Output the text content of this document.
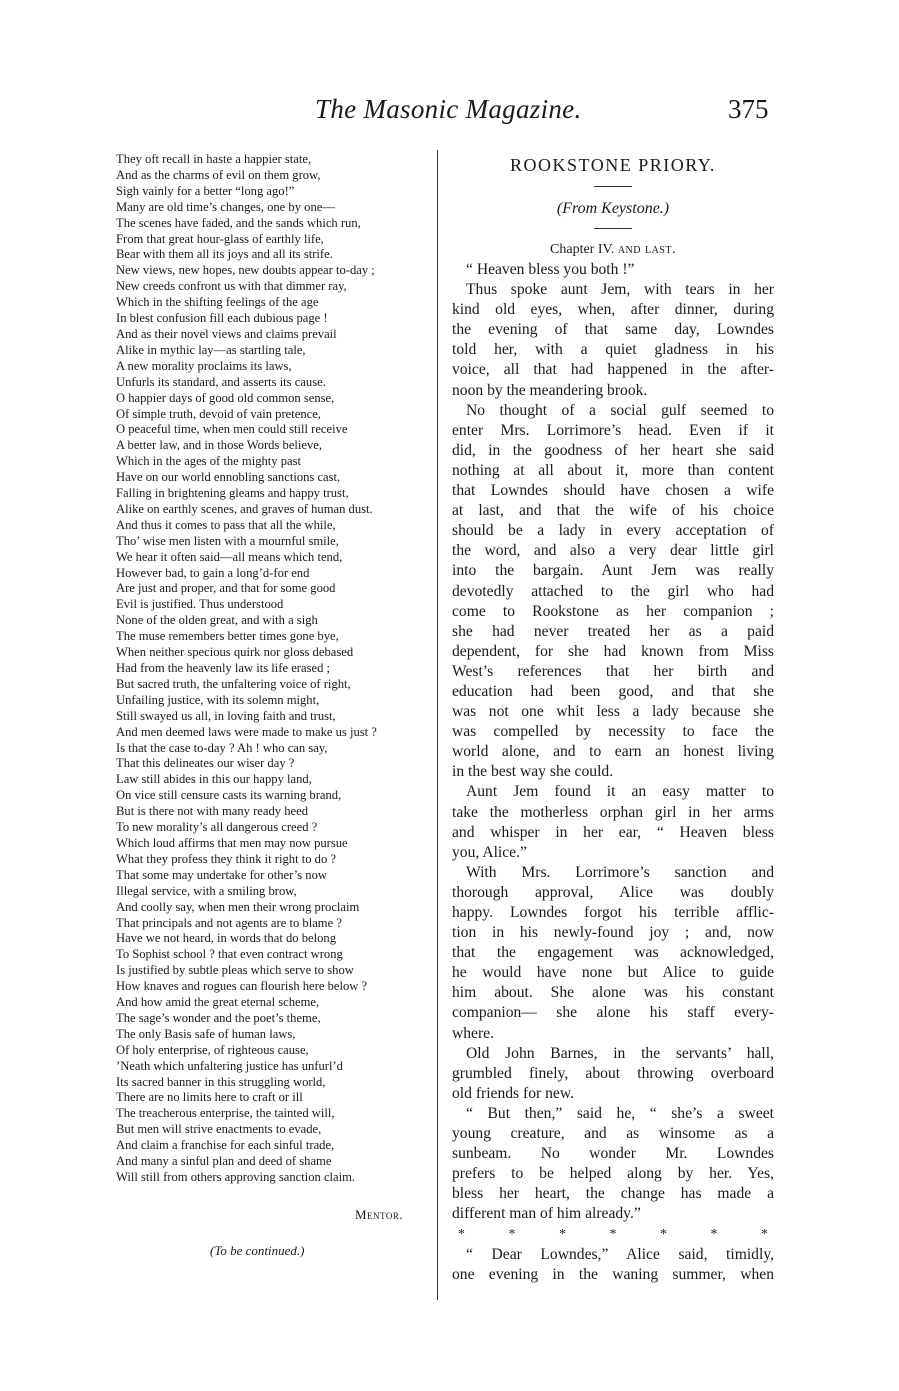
The Masonic Magazine.	375
They oft recall in haste a happier state,
And as the charms of evil on them grow,
Sigh vainly for a better “long ago!”
Many are old time’s changes, one by one—
The scenes have faded, and the sands which run,
From that great hour-glass of earthly life,
Bear with them all its joys and all its strife.
New views, new hopes, new doubts appear to-day ;
New creeds confront us with that dimmer ray,
Which in the shifting feelings of the age
In blest confusion fill each dubious page !
And as their novel views and claims prevail
Alike in mythic lay—as startling tale,
A new morality proclaims its laws,
Unfurls its standard, and asserts its cause.
O happier days of good old common sense,
Of simple truth, devoid of vain pretence,
O peaceful time, when men could still receive
A better law, and in those Words believe,
Which in the ages of the mighty past
Have on our world ennobling sanctions cast,
Falling in brightening gleams and happy trust,
Alike on earthly scenes, and graves of human dust.
And thus it comes to pass that all the while,
Tho’ wise men listen with a mournful smile,
We hear it often said—all means which tend,
However bad, to gain a long’d-for end
Are just and proper, and that for some good
Evil is justified. Thus understood
None of the olden great, and with a sigh
The muse remembers better times gone bye,
When neither specious quirk nor gloss debased
Had from the heavenly law its life erased ;
But sacred truth, the unfaltering voice of right,
Unfailing justice, with its solemn might,
Still swayed us all, in loving faith and trust,
And men deemed laws were made to make us just ?
Is that the case to-day ? Ah ! who can say,
That this delineates our wiser day ?
Law still abides in this our happy land,
On vice still censure casts its warning brand,
But is there not with many ready heed
To new morality’s all dangerous creed ?
Which loud affirms that men may now pursue
What they profess they think it right to do ?
That some may undertake for other’s now
Illegal service, with a smiling brow,
And coolly say, when men their wrong proclaim
That principals and not agents are to blame ?
Have we not heard, in words that do belong
To Sophist school ? that even contract wrong
Is justified by subtle pleas which serve to show
How knaves and rogues can flourish here below ?
And how amid the great eternal scheme,
The sage’s wonder and the poet’s theme,
The only Basis safe of human laws,
Of holy enterprise, of righteous cause,
’Neath which unfaltering justice has unfurl’d
Its sacred banner in this struggling world,
There are no limits here to craft or ill
The treacherous enterprise, the tainted will,
But men will strive enactments to evade,
And claim a franchise for each sinful trade,
And many a sinful plan and deed of shame
Will still from others approving sanction claim.
Mentor.
(To be continued.)
ROOKSTONE PRIORY.
(From Keystone.)
Chapter IV. and last.
“ Heaven bless you both !”
Thus spoke aunt Jem, with tears in her
kind old eyes, when, after dinner, during
the evening of that same day, Lowndes
told her, with a quiet gladness in his
voice, all that had happened in the after-
noon by the meandering brook.
No thought of a social gulf seemed to
enter Mrs. Lorrimore’s head. Even if it
did, in the goodness of her heart she said
nothing at all about it, more than content
that Lowndes should have chosen a wife
at last, and that the wife of his choice
should be a lady in every acceptation of
the word, and also a very dear little girl
into the bargain. Aunt Jem was really
devotedly attached to the girl who had
come to Rookstone as her companion ;
she had never treated her as a paid
dependent, for she had known from Miss
West’s references that her birth and
education had been good, and that she
was not one whit less a lady because she
was compelled by necessity to face the
world alone, and to earn an honest living
in the best way she could.
Aunt Jem found it an easy matter to
take the motherless orphan girl in her arms
and whisper in her ear, “ Heaven bless
you, Alice.”
With Mrs. Lorrimore’s sanction and
thorough approval, Alice was doubly
happy. Lowndes forgot his terrible afflic-
tion in his newly-found joy ; and, now
that the engagement was acknowledged,
he would have none but Alice to guide
him about. She alone was his constant
companion— she alone his staff every-
where.
Old John Barnes, in the servants’ hall,
grumbled finely, about throwing overboard
old friends for new.
“ But then,” said he, “ she’s a sweet
young creature, and as winsome as a
sunbeam. No wonder Mr. Lowndes
prefers to be helped along by her. Yes,
bless her heart, the change has made a
different man of him already.”
*	*	*	*	*	*	*
“ Dear Lowndes,” Alice said, timidly,
one evening in the waning summer, when
